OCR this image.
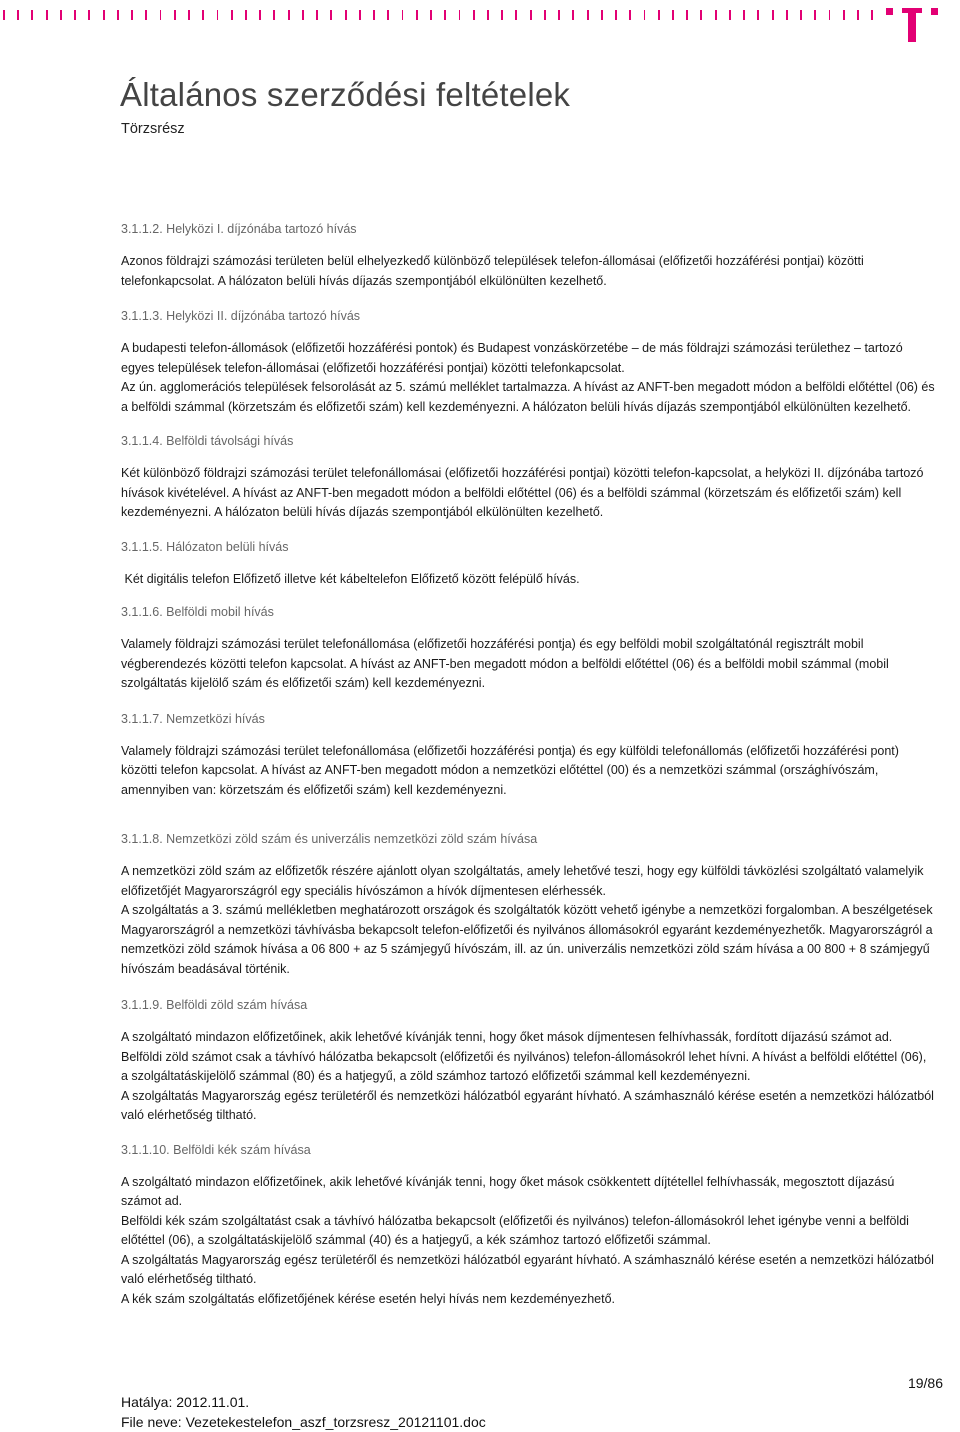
Általános szerződési feltételek
Törzsrész

3.1.1.2. Helyközi I. díjzónába tartozó hívás

Azonos földrajzi számozási területen belül elhelyezkedő különböző települések telefon-állomásai (előfizetői hozzáférési pontjai) közötti telefonkapcsolat. A hálózaton belüli hívás díjazás szempontjából elkülönülten kezelhető.

3.1.1.3. Helyközi II. díjzónába tartozó hívás

A budapesti telefon-állomások (előfizetői hozzáférési pontok) és Budapest vonzáskörzetébe – de más földrajzi számozási területhez – tartozó egyes települések telefon-állomásai (előfizetői hozzáférési pontjai) közötti telefonkapcsolat.

Az ún. agglomerációs települések felsorolását az 5. számú melléklet tartalmazza. A hívást az ANFT-ben megadott módon a belföldi előtéttel (06) és a belföldi számmal (körzetszám és előfizetői szám) kell kezdeményezni. A hálózaton belüli hívás díjazás szempontjából elkülönülten kezelhető.

3.1.1.4. Belföldi távolsági hívás

Két különböző földrajzi számozási terület telefonállomásai (előfizetői hozzáférési pontjai) közötti telefon-kapcsolat, a helyközi II. díjzónába tartozó hívások kivételével. A hívást az ANFT-ben megadott módon a belföldi előtéttel (06) és a belföldi számmal (körzetszám és előfizetői szám) kell kezdeményezni. A hálózaton belüli hívás díjazás szempontjából elkülönülten kezelhető.

3.1.1.5. Hálózaton belüli hívás

Két digitális telefon Előfizető illetve két kábeltelefon Előfizető között felépülő hívás.

3.1.1.6. Belföldi mobil hívás

Valamely földrajzi számozási terület telefonállomása (előfizetői hozzáférési pontja) és egy belföldi mobil szolgáltatónál regisztrált mobil végberendezés közötti telefon kapcsolat. A hívást az ANFT-ben megadott módon a belföldi előtéttel (06) és a belföldi mobil számmal (mobil szolgáltatás kijelölő szám és előfizetői szám) kell kezdeményezni.

3.1.1.7. Nemzetközi hívás

Valamely földrajzi számozási terület telefonállomása (előfizetői hozzáférési pontja) és egy külföldi telefonállomás (előfizetői hozzáférési pont) közötti telefon kapcsolat. A hívást az ANFT-ben megadott módon a nemzetközi előtéttel (00) és a nemzetközi számmal (országhívószám, amennyiben van: körzetszám és előfizetői szám) kell kezdeményezni.

3.1.1.8. Nemzetközi zöld szám és univerzális nemzetközi zöld szám hívása

A nemzetközi zöld szám az előfizetők részére ajánlott olyan szolgáltatás, amely lehetővé teszi, hogy egy külföldi távközlési szolgáltató valamelyik előfizetőjét Magyarországról egy speciális hívószámon a hívók díjmentesen elérhessék.

A szolgáltatás a 3. számú mellékletben meghatározott országok és szolgáltatók között vehető igénybe a nemzetközi forgalomban. A beszélgetések Magyarországról a nemzetközi távhívásba bekapcsolt telefon-előfizetői és nyilvános állomásokról egyaránt kezdeményezhetők. Magyarországról a nemzetközi zöld számok hívása a 06 800 + az 5 számjegyű hívószám, ill. az ún. univerzális nemzetközi zöld szám hívása a 00 800 + 8 számjegyű hívószám beadásával történik.

3.1.1.9. Belföldi zöld szám hívása

A szolgáltató mindazon előfizetőinek, akik lehetővé kívánják tenni, hogy őket mások díjmentesen felhívhassák, fordított díjazású számot ad.

Belföldi zöld számot csak a távhívó hálózatba bekapcsolt (előfizetői és nyilvános) telefon-állomásokról lehet hívni. A hívást a belföldi előtéttel (06), a szolgáltatáskijelölő számmal (80) és a hatjegyű, a zöld számhoz tartozó előfizetői számmal kell kezdeményezni.

A szolgáltatás Magyarország egész területéről és nemzetközi hálózatból egyaránt hívható. A számhasználó kérése esetén a nemzetközi hálózatból való elérhetőség tiltható.

3.1.1.10. Belföldi kék szám hívása

A szolgáltató mindazon előfizetőinek, akik lehetővé kívánják tenni, hogy őket mások csökkentett díjtétellel felhívhassák, megosztott díjazású számot ad.

Belföldi kék szám szolgáltatást csak a távhívó hálózatba bekapcsolt (előfizetői és nyilvános) telefon-állomásokról lehet igénybe venni a belföldi előtéttel (06), a szolgáltatáskijelölő számmal (40) és a hatjegyű, a kék számhoz tartozó előfizetői számmal.

A szolgáltatás Magyarország egész területéről és nemzetközi hálózatból egyaránt hívható. A számhasználó kérése esetén a nemzetközi hálózatból való elérhetőség tiltható.

A kék szám szolgáltatás előfizetőjének kérése esetén helyi hívás nem kezdeményezhető.

19/86
Hatálya: 2012.11.01.
File neve: Vezetekestelefon_aszf_torzsresz_20121101.doc
